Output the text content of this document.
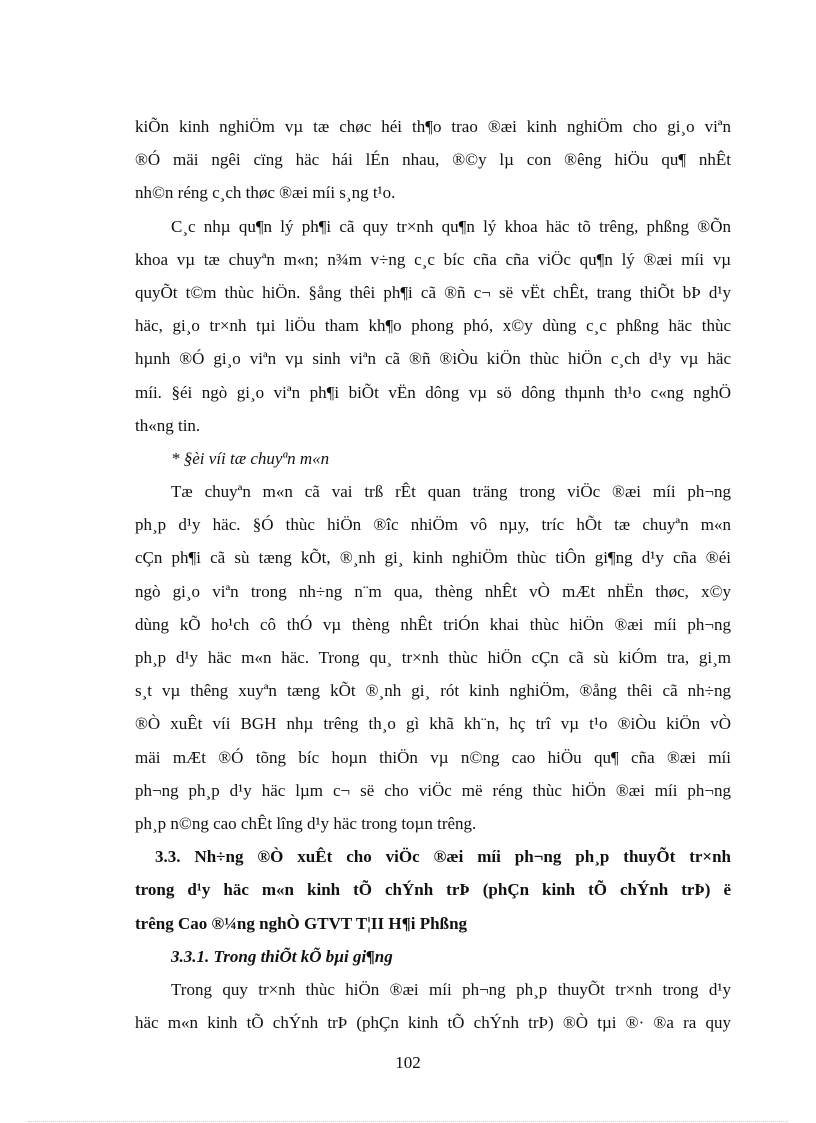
kiÕn kinh nghiÖm vµ tæ chøc héi th¶o trao ®æi kinh nghiÖm cho gi¸o viªn
®Ó mäi ngêi cïng häc hái lÉn nhau, ®©y lµ con ®êng hiÖu qu¶ nhÊt
nh©n réng c¸ch thøc ®æi míi s¸ng t¹o.
C¸c nhµ qu¶n lý ph¶i cã quy tr×nh qu¶n lý khoa häc tõ trêng, phßng ®Õn
khoa vµ tæ chuyªn m«n; n¾m v÷ng c¸c bíc cña cña viÖc qu¶n lý ®æi míi vµ
quyÕt t©m thùc hiÖn. §ång thêi ph¶i cã ®ñ c¬ së vËt chÊt, trang thiÕt bÞ d¹y
häc, gi¸o tr×nh tµi liÖu tham kh¶o phong phó, x©y dùng c¸c phßng häc thùc
hµnh ®Ó gi¸o viªn vµ sinh viªn cã ®ñ ®iÒu kiÖn thùc hiÖn c¸ch d¹y vµ häc
míi. §éi ngò gi¸o viªn ph¶i biÕt vËn dông vµ sö dông thµnh th¹o c«ng nghÖ
th«ng tin.
* §èi víi tæ chuyªn m«n
Tæ chuyªn m«n cã vai trß rÊt quan träng trong viÖc ®æi míi ph¬ng
ph¸p d¹y häc. §Ó thùc hiÖn ®îc nhiÖm vô nµy, tríc hÕt tæ chuyªn m«n
cÇn ph¶i cã sù tæng kÕt, ®¸nh gi¸ kinh nghiÖm thùc tiÔn gi¶ng d¹y cña ®éi
ngò gi¸o viªn trong nh÷ng n¨m qua, thèng nhÊt vÒ mÆt nhËn thøc, x©y
dùng kÕ ho¹ch cô thÓ vµ thèng nhÊt triÓn khai thùc hiÖn ®æi míi ph¬ng
ph¸p d¹y häc m«n häc. Trong qu¸ tr×nh thùc hiÖn cÇn cã sù kiÓm tra, gi¸m
s¸t vµ thêng xuyªn tæng kÕt ®¸nh gi¸ rót kinh nghiÖm, ®ång thêi cã nh÷ng
®Ò xuÊt víi BGH nhµ trêng th¸o gì khã kh¨n, hç trî vµ t¹o ®iÒu kiÖn vÒ
mäi mÆt ®Ó tõng bíc hoµn thiÖn vµ n©ng cao hiÖu qu¶ cña ®æi míi
ph¬ng ph¸p d¹y häc lµm c¬ së cho viÖc më réng thùc hiÖn ®æi míi ph¬ng
ph¸p n©ng cao chÊt lîng d¹y häc trong toµn trêng.
3.3. Nh÷ng ®Ò xuÊt cho viÖc ®æi míi ph¬ng ph¸p thuyÕt tr×nh
trong d¹y häc m«n kinh tÕ chÝnh trÞ (phÇn kinh tÕ chÝnh trÞ) ë
trêng Cao ®¼ng nghÒ GTVT T¦II H¶i Phßng
3.3.1. Trong thiÕt kÕ bµi gi¶ng
Trong quy tr×nh thùc hiÖn ®æi míi ph¬ng ph¸p thuyÕt tr×nh trong d¹y
häc m«n kinh tÕ chÝnh trÞ (phÇn kinh tÕ chÝnh trÞ) ®Ò tµi ®· ®a ra quy
102
